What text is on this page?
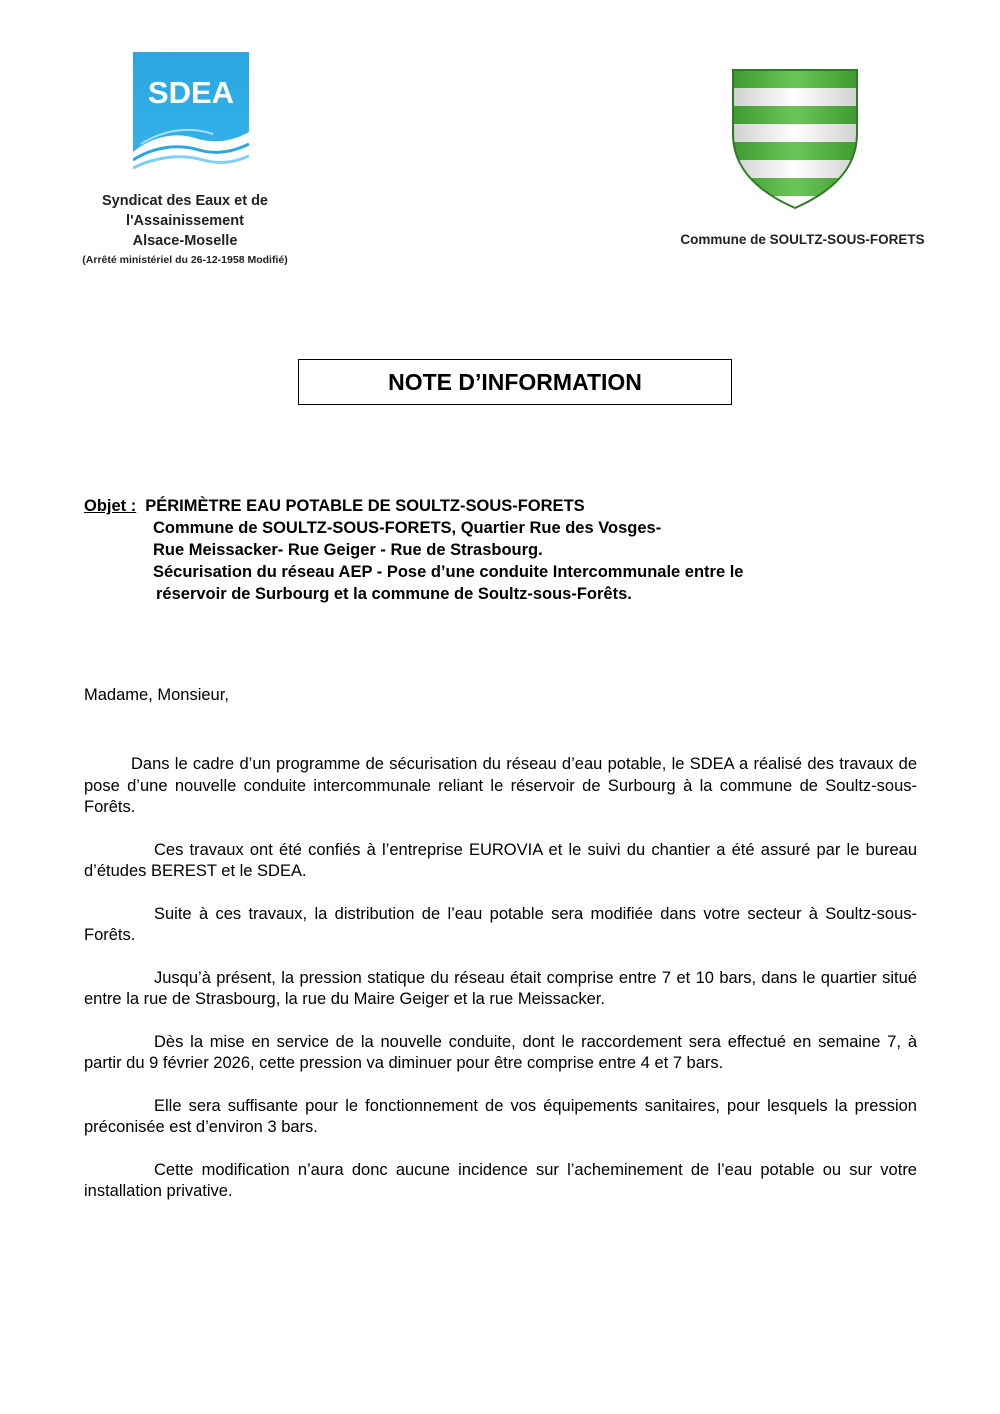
SDEA
Syndicat des Eaux et de
l'Assainissement
Alsace-Moselle
(Arrêté ministériel du 26-12-1958 Modifié)
Commune de SOULTZ-SOUS-FORETS
NOTE D’INFORMATION
Objet : PÉRIMÈTRE EAU POTABLE DE SOULTZ-SOUS-FORETS
Commune de SOULTZ-SOUS-FORETS, Quartier Rue des Vosges-
Rue Meissacker- Rue Geiger - Rue de Strasbourg.
Sécurisation du réseau AEP - Pose d’une conduite Intercommunale entre le
réservoir de Surbourg et la commune de Soultz-sous-Forêts.
Madame, Monsieur,

Dans le cadre d’un programme de sécurisation du réseau d’eau potable, le SDEA a réalisé des travaux de pose d’une nouvelle conduite intercommunale reliant le réservoir de Surbourg à la commune de Soultz-sous-Forêts.

Ces travaux ont été confiés à l’entreprise EUROVIA et le suivi du chantier a été assuré par le bureau d’études BEREST et le SDEA.

Suite à ces travaux, la distribution de l’eau potable sera modifiée dans votre secteur à Soultz-sous-Forêts.

Jusqu’à présent, la pression statique du réseau était comprise entre 7 et 10 bars, dans le quartier situé entre la rue de Strasbourg, la rue du Maire Geiger et la rue Meissacker.

Dès la mise en service de la nouvelle conduite, dont le raccordement sera effectué en semaine 7, à partir du 9 février 2026, cette pression va diminuer pour être comprise entre 4 et 7 bars.

Elle sera suffisante pour le fonctionnement de vos équipements sanitaires, pour lesquels la pression préconisée est d’environ 3 bars.

Cette modification n’aura donc aucune incidence sur l’acheminement de l’eau potable ou sur votre installation privative.
